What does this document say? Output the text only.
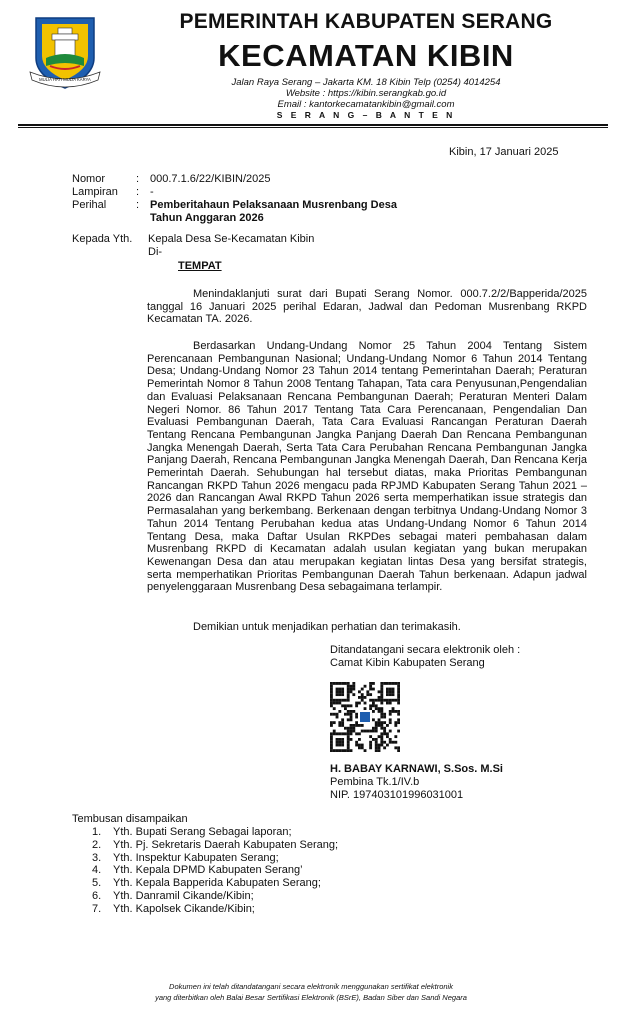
MULIA HATI MULIA KARYA
PEMERINTAH KABUPATEN SERANG
KECAMATAN KIBIN
Jalan Raya Serang – Jakarta KM. 18 Kibin Telp (0254) 4014254
Website : https://kibin.serangkab.go.id
Email : kantorkecamatankibin@gmail.com
S E R A N G – B A N T E N
Kibin, 17 Januari 2025
Nomor	: 000.7.1.6/22/KIBIN/2025
Lampiran : -
Perihal	: Pemberitahaun Pelaksanaan Musrenbang Desa
Tahun Anggaran 2026
Kepada Yth. Kepala Desa Se-Kecamatan Kibin
Di-
TEMPAT
Menindaklanjuti surat dari Bupati Serang Nomor. 000.7.2/2/Bapperida/2025 tanggal 16 Januari 2025 perihal Edaran, Jadwal dan Pedoman Musrenbang RKPD Kecamatan TA. 2026.
Berdasarkan Undang-Undang Nomor 25 Tahun 2004 Tentang Sistem Perencanaan Pembangunan Nasional; Undang-Undang Nomor 6 Tahun 2014 Tentang Desa; Undang-Undang Nomor 23 Tahun 2014 tentang Pemerintahan Daerah; Peraturan Pemerintah Nomor 8 Tahun 2008 Tentang Tahapan, Tata cara Penyusunan,Pengendalian dan Evaluasi Pelaksanaan Rencana Pembangunan Daerah; Peraturan Menteri Dalam Negeri Nomor. 86 Tahun 2017 Tentang Tata Cara Perencanaan, Pengendalian Dan Evaluasi Pembangunan Daerah, Tata Cara Evaluasi Rancangan Peraturan Daerah Tentang Rencana Pembangunan Jangka Panjang Daerah Dan Rencana Pembangunan Jangka Menengah Daerah, Serta Tata Cara Perubahan Rencana Pembangunan Jangka Panjang Daerah, Rencana Pembangunan Jangka Menengah Daerah, Dan Rencana Kerja Pemerintah Daerah. Sehubungan hal tersebut diatas, maka Prioritas Pembangunan Rancangan RKPD Tahun 2026 mengacu pada RPJMD Kabupaten Serang Tahun 2021 – 2026 dan Rancangan Awal RKPD Tahun 2026 serta memperhatikan issue strategis dan Permasalahan yang berkembang. Berkenaan dengan terbitnya Undang-Undang Nomor 3 Tahun 2014 Tentang Perubahan kedua atas Undang-Undang Nomor 6 Tahun 2014 Tentang Desa, maka Daftar Usulan RKPDes sebagai materi pembahasan dalam Musrenbang RKPD di Kecamatan adalah usulan kegiatan yang bukan merupakan Kewenangan Desa dan atau merupakan kegiatan lintas Desa yang bersifat strategis, serta memperhatikan Prioritas Pembangunan Daerah Tahun berkenaan. Adapun jadwal penyelenggaraan Musrenbang Desa sebagaimana terlampir.
Demikian untuk menjadikan perhatian dan terimakasih.
Ditandatangani secara elektronik oleh :
Camat Kibin Kabupaten Serang
H. BABAY KARNAWI, S.Sos. M.Si
Pembina Tk.1/IV.b
NIP. 197403101996031001
Tembusan disampaikan
1.	Yth. Bupati Serang Sebagai laporan;
2.	Yth. Pj. Sekretaris Daerah Kabupaten Serang;
3.	Yth. Inspektur Kabupaten Serang;
4.	Yth. Kepala DPMD Kabupaten Serang’
5.	Yth. Kepala Bapperida Kabupaten Serang;
6.	Yth. Danramil Cikande/Kibin;
7.	Yth. Kapolsek Cikande/Kibin;
Dokumen ini telah ditandatangani secara elektronik menggunakan sertifikat elektronik
yang diterbitkan oleh Balai Besar Sertifikasi Elektronik (BSrE), Badan Siber dan Sandi Negara
